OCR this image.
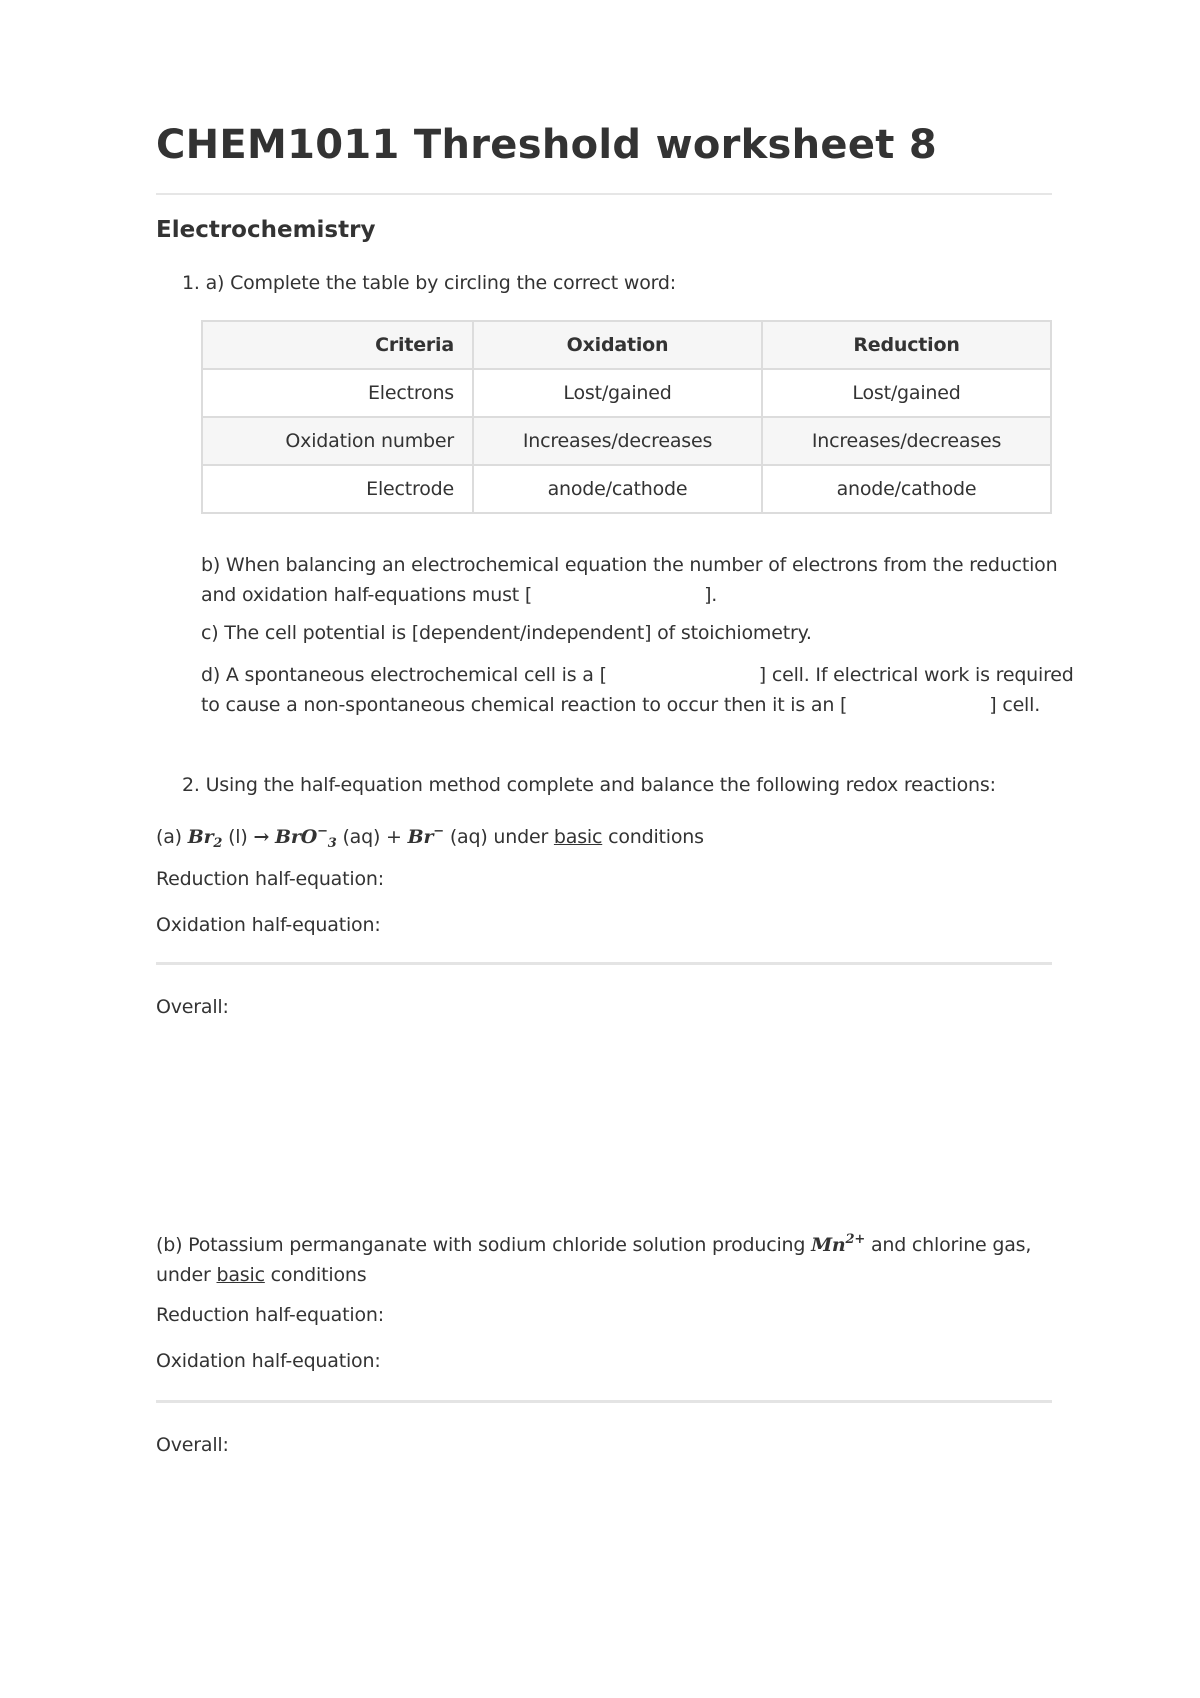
CHEM1011 Threshold worksheet 8
Electrochemistry
1. a) Complete the table by circling the correct word:
Criteria	Oxidation	Reduction
Electrons	Lost/gained	Lost/gained
Oxidation number	Increases/decreases	Increases/decreases
Electrode	anode/cathode	anode/cathode
b) When balancing an electrochemical equation the number of electrons from the reduction
and oxidation half-equations must [	].
c) The cell potential is [dependent/independent] of stoichiometry.
d) A spontaneous electrochemical cell is a [	] cell. If electrical work is required
to cause a non-spontaneous chemical reaction to occur then it is an [	] cell.
2. Using the half-equation method complete and balance the following redox reactions:
(a) $Br_2$ (l) → BrO−$_3$ (aq) + Br− (aq) under basic conditions
Reduction half-equation:
Oxidation half-equation:
Overall:
(b) Potassium permanganate with sodium chloride solution producing $Mn^{2+}$ and chlorine gas,
under basic conditions
Reduction half-equation:
Oxidation half-equation:
Overall:
